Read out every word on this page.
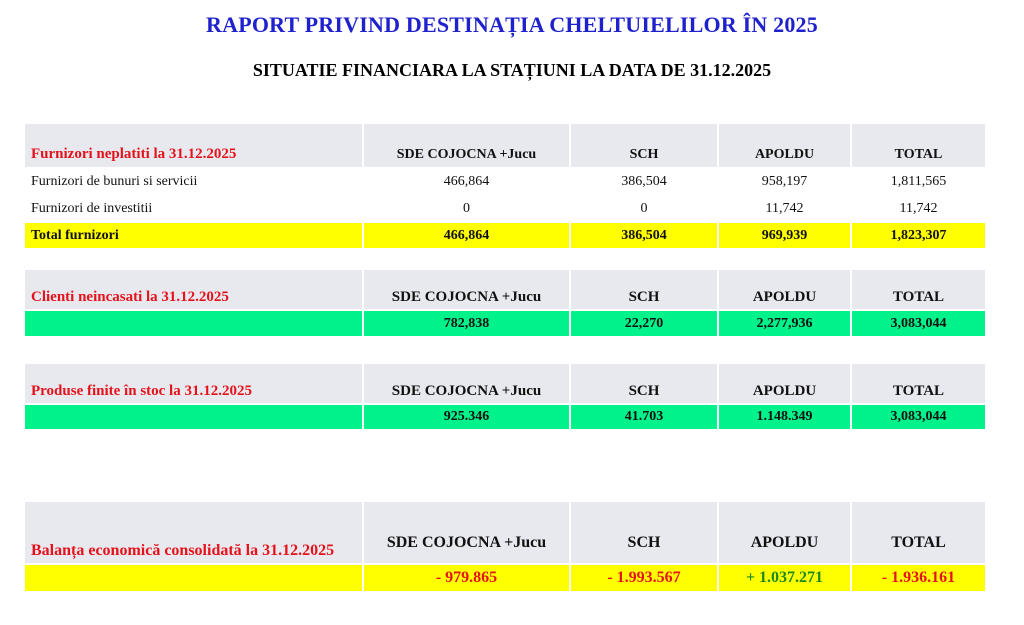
RAPORT PRIVIND DESTINAȚIA CHELTUIELILOR ÎN 2025
SITUATIE FINANCIARA LA STAȚIUNI LA DATA DE 31.12.2025
Furnizori neplatiti la 31.12.2025	SDE COJOCNA +Jucu	SCH	APOLDU	TOTAL
Furnizori de bunuri si servicii	466,864	386,504	958,197	1,811,565
Furnizori de investitii	0	0	11,742	11,742
Total furnizori	466,864	386,504	969,939	1,823,307
Clienti neincasati la 31.12.2025	SDE COJOCNA +Jucu	SCH	APOLDU	TOTAL
	782,838	22,270	2,277,936	3,083,044
Produse finite în stoc la 31.12.2025	SDE COJOCNA +Jucu	SCH	APOLDU	TOTAL
	925.346	41.703	1.148.349	3,083,044
Balanța economică consolidată la 31.12.2025	SDE COJOCNA +Jucu	SCH	APOLDU	TOTAL
	- 979.865	- 1.993.567	+ 1.037.271	- 1.936.161
